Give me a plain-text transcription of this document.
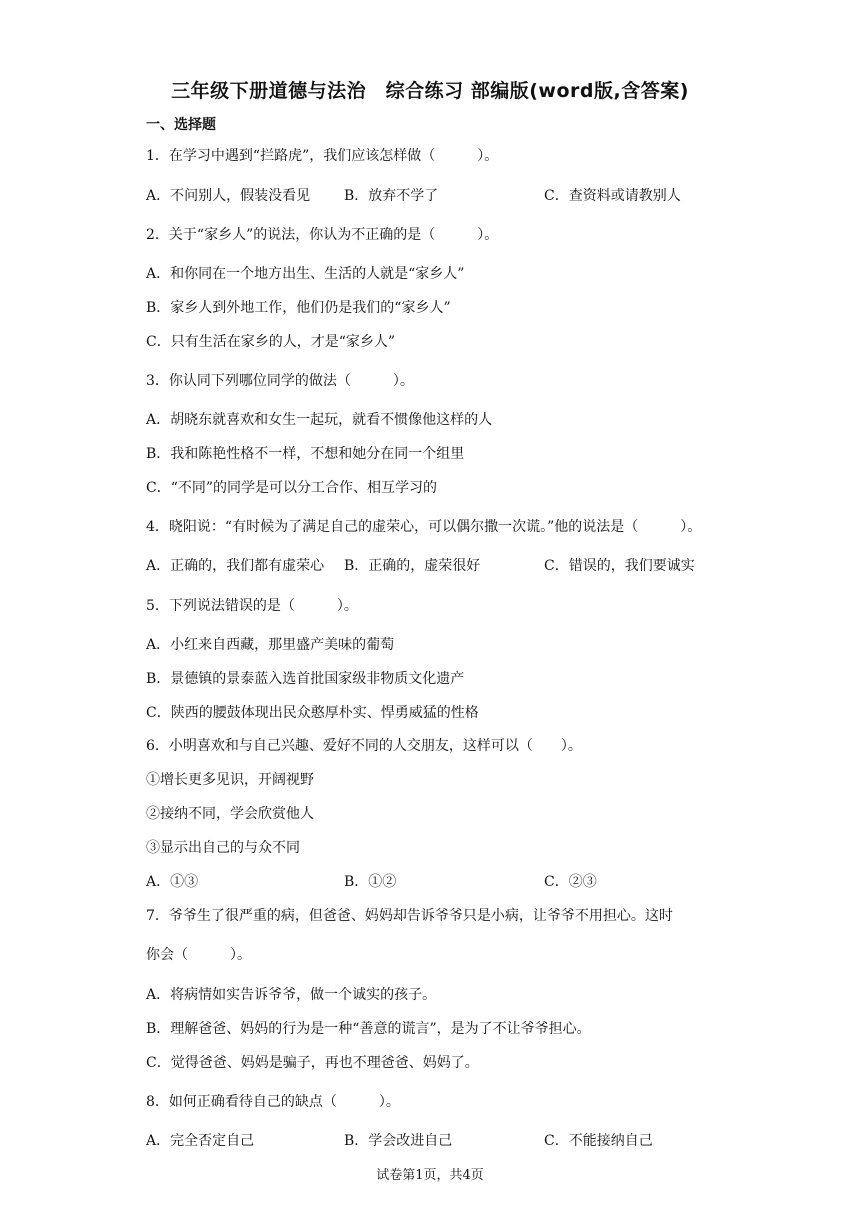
三年级下册道德与法治　综合练习 部编版(word版,含答案)
一、选择题
1．在学习中遇到“拦路虎”，我们应该怎样做（　　　）。
A．不问别人，假装没看见 B．放弃不学了	C．查资料或请教别人
2．关于“家乡人”的说法，你认为不正确的是（　　　）。
A．和你同在一个地方出生、生活的人就是“家乡人”
B．家乡人到外地工作，他们仍是我们的“家乡人”
C．只有生活在家乡的人，才是“家乡人”
3．你认同下列哪位同学的做法（　　　）。
A．胡晓东就喜欢和女生一起玩，就看不惯像他这样的人
B．我和陈艳性格不一样，不想和她分在同一个组里
C．“不同”的同学是可以分工合作、相互学习的
4．晓阳说：“有时候为了满足自己的虚荣心，可以偶尔撒一次谎。”他的说法是（　　　）。
A．正确的，我们都有虚荣心 B．正确的，虚荣很好	C．错误的，我们要诚实
5．下列说法错误的是（　　　）。
A．小红来自西藏，那里盛产美味的葡萄
B．景德镇的景泰蓝入选首批国家级非物质文化遗产
C．陕西的腰鼓体现出民众憨厚朴实、悍勇威猛的性格
6．小明喜欢和与自己兴趣、爱好不同的人交朋友，这样可以（　　）。
①增长更多见识，开阔视野
②接纳不同，学会欣赏他人
③显示出自己的与众不同
A．①③	B．①②	C．②③
7．爷爷生了很严重的病，但爸爸、妈妈却告诉爷爷只是小病，让爷爷不用担心。这时
你会（　　　）。
A．将病情如实告诉爷爷，做一个诚实的孩子。
B．理解爸爸、妈妈的行为是一种“善意的谎言”，是为了不让爷爷担心。
C．觉得爸爸、妈妈是骗子，再也不理爸爸、妈妈了。
8．如何正确看待自己的缺点（　　　）。
A．完全否定自己	B．学会改进自己	C．不能接纳自己
试卷第1页，共4页
